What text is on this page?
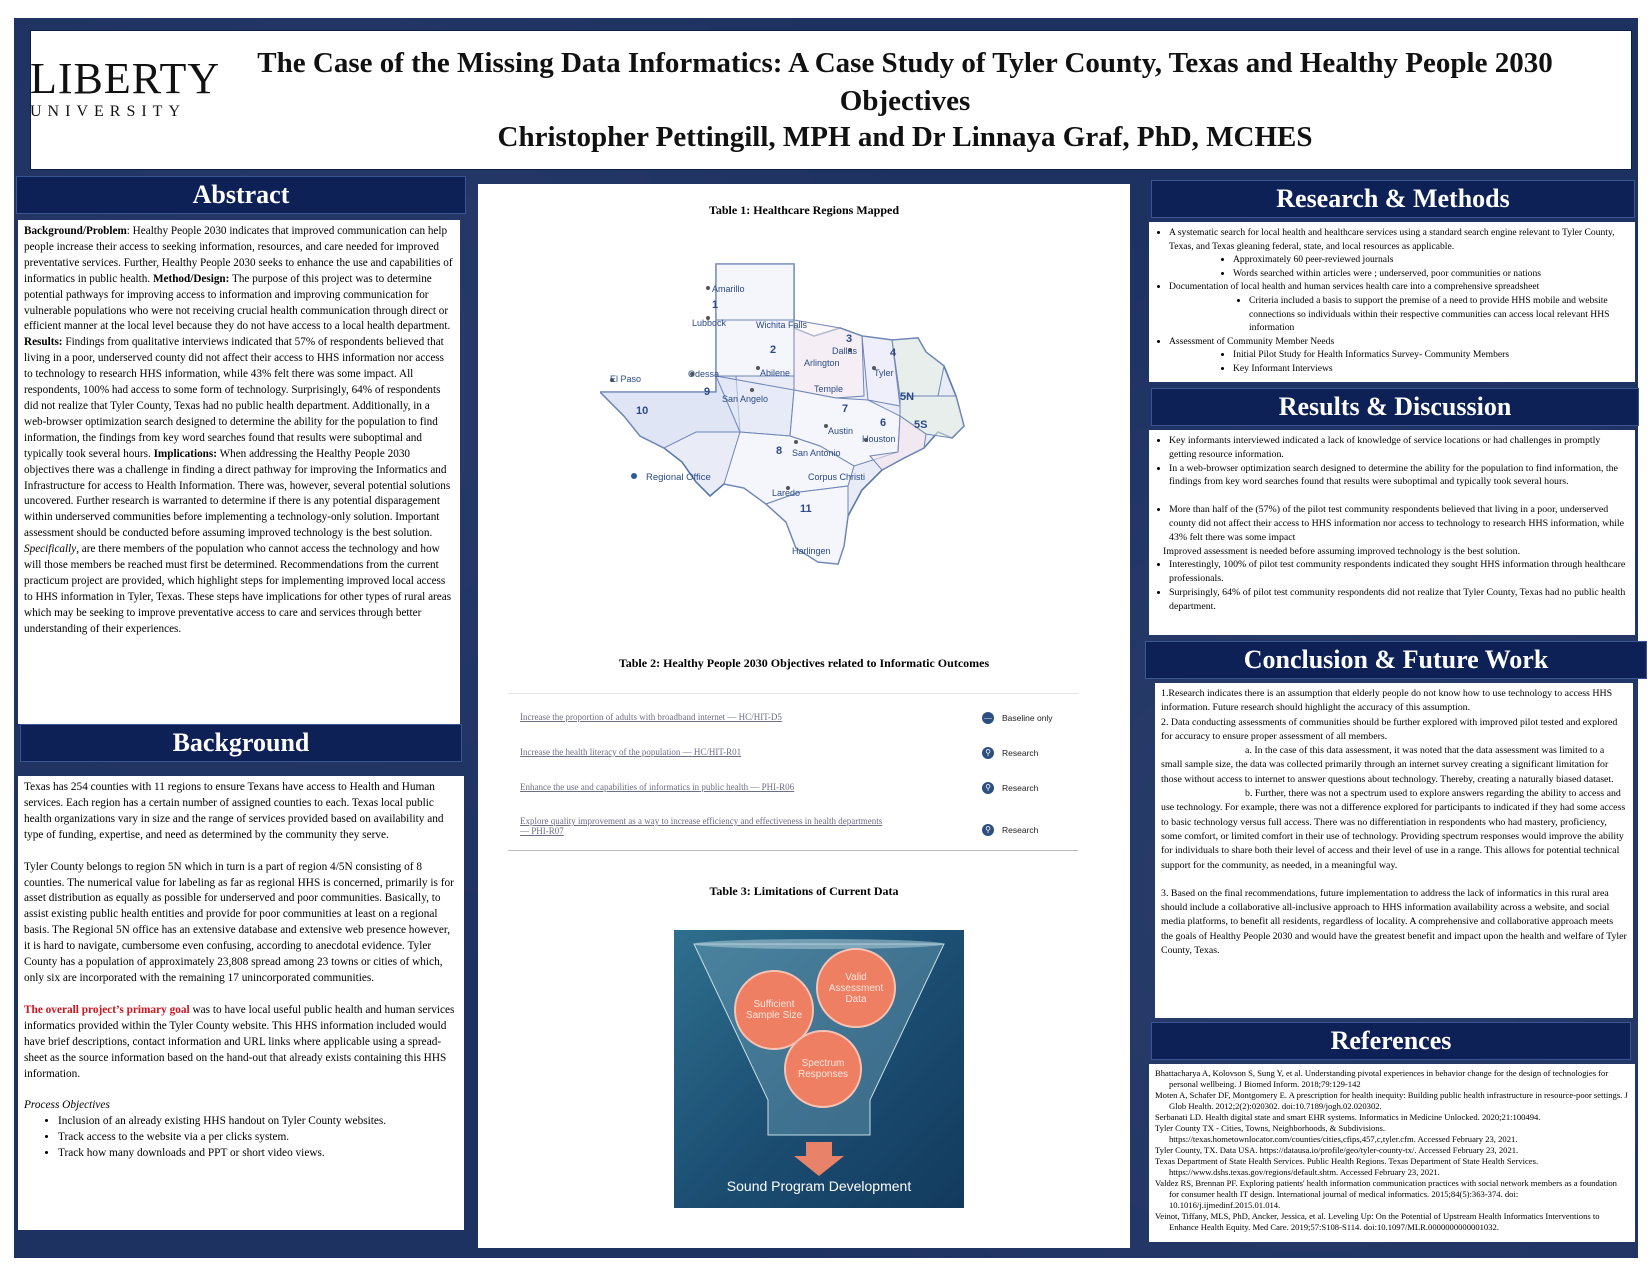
LIBERTY
UNIVERSITY
The Case of the Missing Data Informatics: A Case Study of Tyler County, Texas and Healthy People 2030
Objectives
Christopher Pettingill, MPH and Dr Linnaya Graf, PhD, MCHES
Abstract

Background/Problem: Healthy People 2030 indicates that improved communication can help people increase their access to seeking information, resources, and care needed for improved preventative services. Further, Healthy People 2030 seeks to enhance the use and capabilities of informatics in public health. Method/Design: The purpose of this project was to determine potential pathways for improving access to information and improving communication for vulnerable populations who were not receiving crucial health communication through direct or efficient manner at the local level because they do not have access to a local health department. Results: Findings from qualitative interviews indicated that 57% of respondents believed that living in a poor, underserved county did not affect their access to HHS information nor access to technology to research HHS information, while 43% felt there was some impact. All respondents, 100% had access to some form of technology. Surprisingly, 64% of respondents did not realize that Tyler County, Texas had no public health department. Additionally, in a web-browser optimization search designed to determine the ability for the population to find information, the findings from key word searches found that results were suboptimal and typically took several hours. Implications: When addressing the Healthy People 2030 objectives there was a challenge in finding a direct pathway for improving the Informatics and Infrastructure for access to Health Information. There was, however, several potential solutions uncovered. Further research is warranted to determine if there is any potential disparagement within underserved communities before implementing a technology-only solution. Important assessment should be conducted before assuming improved technology is the best solution. Specifically, are there members of the population who cannot access the technology and how will those members be reached must first be determined. Recommendations from the current practicum project are provided, which highlight steps for implementing improved local access to HHS information in Tyler, Texas. These steps have implications for other types of rural areas which may be seeking to improve preventative access to care and services through better understanding of their experiences.

Background

Texas has 254 counties with 11 regions to ensure Texans have access to Health and Human services. Each region has a certain number of assigned counties to each. Texas local public health organizations vary in size and the range of services provided based on availability and type of funding, expertise, and need as determined by the community they serve.

Tyler County belongs to region 5N which in turn is a part of region 4/5N consisting of 8 counties. The numerical value for labeling as far as regional HHS is concerned, primarily is for asset distribution as equally as possible for underserved and poor communities. Basically, to assist existing public health entities and provide for poor communities at least on a regional basis. The Regional 5N office has an extensive database and extensive web presence however, it is hard to navigate, cumbersome even confusing, according to anecdotal evidence. Tyler County has a population of approximately 23,808 spread among 23 towns or cities of which, only six are incorporated with the remaining 17 unincorporated communities.

The overall project’s primary goal was to have local useful public health and human services informatics provided within the Tyler County website. This HHS information included would have brief descriptions, contact information and URL links where applicable using a spread-sheet as the source information based on the hand-out that already exists containing this HHS information.

Process Objectives

• Inclusion of an already existing HHS handout on Tyler County websites.
• Track access to the website via a per clicks system.
• Track how many downloads and PPT or short video views.
Table 1: Healthcare Regions Mapped
1
2
3
4
5N
6
7
8
9
10
11
5S
Amarillo
Lubbock	Wichita Falls
Dallas
Arlington
Tyler
Odessa	Abilene
El Paso
San Angelo
Temple
Austin
Houston
San Antonio
Corpus Christi
Laredo
Harlingen
Regional Office
Table 2: Healthy People 2030 Objectives related to Informatic Outcomes
Increase the proportion of adults with broadband internet — HC/HIT-D5	— Baseline only
Increase the health literacy of the population — HC/HIT-R01	⚲	Research
Enhance the use and capabilities of informatics in public health — PHI-R06	⚲	Research
Explore quality improvement as a way to increase efficiency and effectiveness in health departments — PHI-R07	⚲	Research
Table 3: Limitations of Current Data
Sufficient Sample Size
Valid Assessment Data
Spectrum Responses
Sound Program Development
Research & Methods
• A systematic search for local health and healthcare services using a standard search engine relevant to Tyler County, Texas, and Texas gleaning federal, state, and local resources as applicable.
• Approximately 60 peer-reviewed journals
• Words searched within articles were ; underserved, poor communities or nations
• Documentation of local health and human services health care into a comprehensive spreadsheet
• Criteria included a basis to support the premise of a need to provide HHS mobile and website connections so individuals within their respective communities can access local relevant HHS information
• Assessment of Community Member Needs
• Initial Pilot Study for Health Informatics Survey- Community Members
• Key Informant Interviews
Results & Discussion
• Key informants interviewed indicated a lack of knowledge of service locations or had challenges in promptly getting resource information.
• In a web-browser optimization search designed to determine the ability for the population to find information, the findings from key word searches found that results were suboptimal and typically took several hours.
• More than half of the (57%) of the pilot test community respondents believed that living in a poor, underserved county did not affect their access to HHS information nor access to technology to research HHS information, while 43% felt there was some impact
◦ Improved assessment is needed before assuming improved technology is the best solution.
• Interestingly, 100% of pilot test community respondents indicated they sought HHS information through healthcare professionals.
• Surprisingly, 64% of pilot test community respondents did not realize that Tyler County, Texas had no public health department.
Conclusion & Future Work

1.Research indicates there is an assumption that elderly people do not know how to use technology to access HHS information. Future research should highlight the accuracy of this assumption.

2. Data conducting assessments of communities should be further explored with improved pilot tested and explored for accuracy to ensure proper assessment of all members.

a. In the case of this data assessment, it was noted that the data assessment was limited to a small sample size, the data was collected primarily through an internet survey creating a significant limitation for those without access to internet to answer questions about technology. Thereby, creating a naturally biased dataset.

b. Further, there was not a spectrum used to explore answers regarding the ability to access and use technology. For example, there was not a difference explored for participants to indicated if they had some access to basic technology versus full access. There was no differentiation in respondents who had mastery, proficiency, some comfort, or limited comfort in their use of technology. Providing spectrum responses would improve the ability for individuals to share both their level of access and their level of use in a range. This allows for potential technical support for the community, as needed, in a meaningful way.

3. Based on the final recommendations, future implementation to address the lack of informatics in this rural area should include a collaborative all-inclusive approach to HHS information availability across a website, and social media platforms, to benefit all residents, regardless of locality. A comprehensive and collaborative approach meets the goals of Healthy People 2030 and would have the greatest benefit and impact upon the health and welfare of Tyler County, Texas.

References

Bhattacharya A, Kolovson S, Sung Y, et al. Understanding pivotal experiences in behavior change for the design of technologies for personal wellbeing. J Biomed Inform. 2018;79:129-142

Moten A, Schafer DF, Montgomery E. A prescription for health inequity: Building public health infrastructure in resource-poor settings. J Glob Health. 2012;2(2):020302. doi:10.7189/jogh.02.020302.

Serbanati LD. Health digital state and smart EHR systems. Informatics in Medicine Unlocked. 2020;21:100494.

Tyler County TX - Cities, Towns, Neighborhoods, & Subdivisions. https://texas.hometownlocator.com/counties/cities,cfips,457,c,tyler.cfm. Accessed February 23, 2021.

Tyler County, TX. Data USA. https://datausa.io/profile/geo/tyler-county-tx/. Accessed February 23, 2021.

Texas Department of State Health Services. Public Health Regions. Texas Department of State Health Services. https://www.dshs.texas.gov/regions/default.shtm. Accessed February 23, 2021.

Valdez RS, Brennan PF. Exploring patients' health information communication practices with social network members as a foundation for consumer health IT design. International journal of medical informatics. 2015;84(5):363-374. doi: 10.1016/j.ijmedinf.2015.01.014.

Veinot, Tiffany, MLS, PhD, Ancker, Jessica, et al. Leveling Up: On the Potential of Upstream Health Informatics Interventions to Enhance Health Equity. Med Care. 2019;57:S108-S114. doi:10.1097/MLR.0000000000001032.
